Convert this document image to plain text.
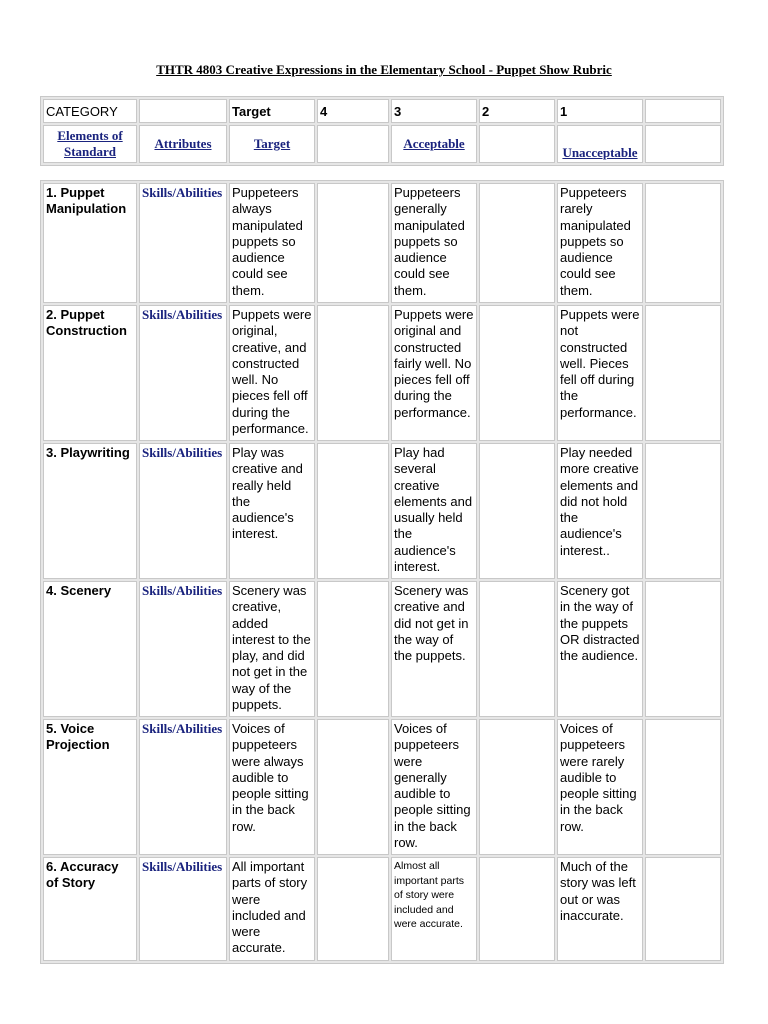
THTR 4803 Creative Expressions in the Elementary School - Puppet Show Rubric
CATEGORY		Target	4	3	2	1	
Elements of Standard	Attributes	Target		Acceptable		Unacceptable	
1. Puppet Manipulation	Skills/Abilities	Puppeteers always manipulated puppets so audience could see them.		Puppeteers generally manipulated puppets so audience could see them.		Puppeteers rarely manipulated puppets so audience could see them.	
2. Puppet Construction	Skills/Abilities	Puppets were original, creative, and constructed well. No pieces fell off during the performance.		Puppets were original and constructed fairly well. No pieces fell off during the performance.		Puppets were not constructed well. Pieces fell off during the performance.	
3. Playwriting	Skills/Abilities	Play was creative and really held the audience's interest.		Play had several creative elements and usually held the audience's interest.		Play needed more creative elements and did not hold the audience's interest..	
4. Scenery	Skills/Abilities	Scenery was creative, added interest to the play, and did not get in the way of the puppets.		Scenery was creative and did not get in the way of the puppets.		Scenery got in the way of the puppets OR distracted the audience.	
5. Voice Projection	Skills/Abilities	Voices of puppeteers were always audible to people sitting in the back row.		Voices of puppeteers were generally audible to people sitting in the back row.		Voices of puppeteers were rarely audible to people sitting in the back row.	
6. Accuracy of Story	Skills/Abilities	All important parts of story were included and were accurate.		Almost all important parts of story were included and were accurate.		Much of the story was left out or was inaccurate.	
